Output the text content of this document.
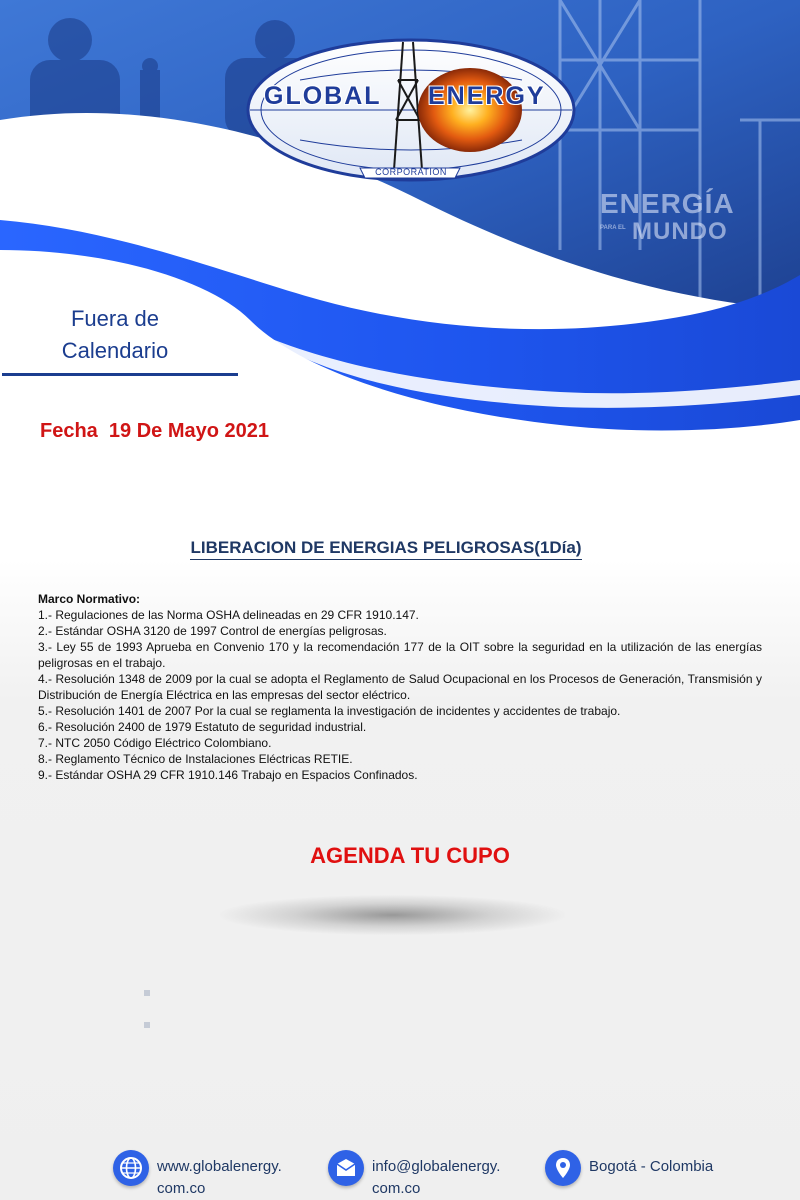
GLOBAL ENERGY
CORPORATION
ENERGÍA
PARA EL MUNDO
Fuera de
Calendario
Fecha  19 De Mayo 2021
LIBERACION DE ENERGIAS PELIGROSAS(1Día)
Marco Normativo:
1.- Regulaciones de las Norma OSHA delineadas en 29 CFR 1910.147.
2.- Estándar OSHA 3120 de 1997 Control de energías peligrosas.
3.- Ley 55 de 1993 Aprueba en Convenio 170 y la recomendación 177 de la OIT sobre la seguridad en la utilización de las energías peligrosas en el trabajo.
4.- Resolución 1348 de 2009 por la cual se adopta el Reglamento de Salud Ocupacional en los Procesos de Generación, Transmisión y Distribución de Energía Eléctrica en las empresas del sector eléctrico.
5.- Resolución 1401 de 2007 Por la cual se reglamenta la investigación de incidentes y accidentes de trabajo.
6.- Resolución 2400 de 1979 Estatuto de seguridad industrial.
7.- NTC 2050 Código Eléctrico Colombiano.
8.- Reglamento Técnico de Instalaciones Eléctricas RETIE.
9.- Estándar OSHA 29 CFR 1910.146 Trabajo en Espacios Confinados.
AGENDA TU CUPO
www.globalenergy.
com.co
info@globalenergy.
com.co
Bogotá - Colombia
